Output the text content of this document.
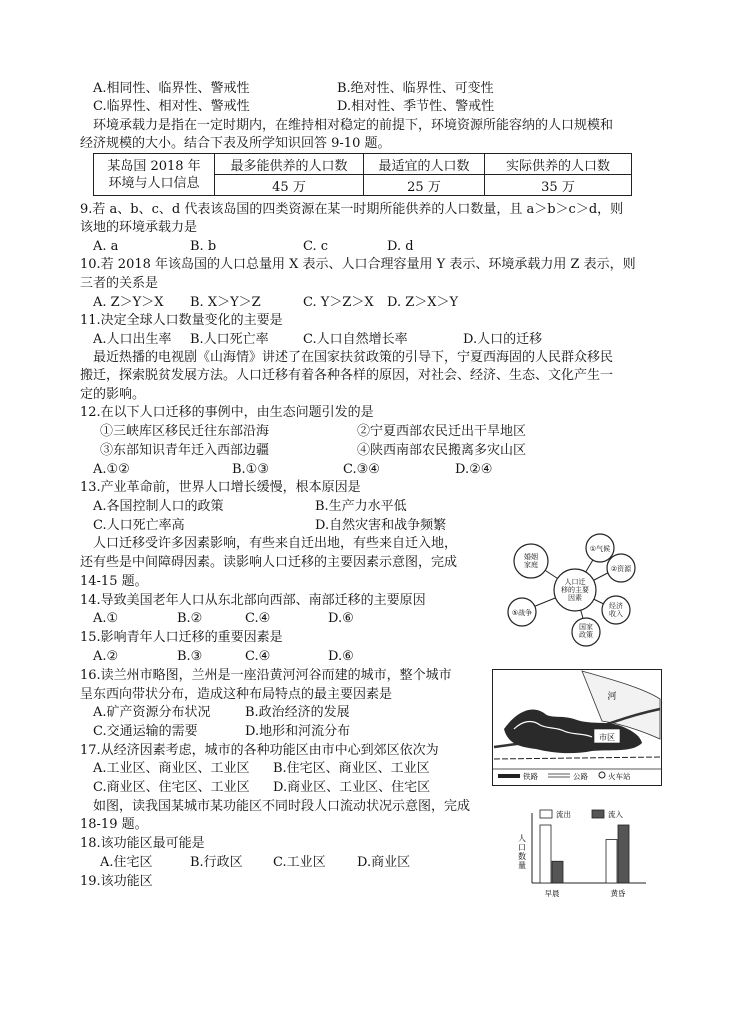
A.相同性、临界性、警戒性	B.绝对性、临界性、可变性
C.临界性、相对性、警戒性	D.相对性、季节性、警戒性
环境承载力是指在一定时期内，在维持相对稳定的前提下，环境资源所能容纳的人口规模和
经济规模的大小。结合下表及所学知识回答 9-10 题。
某岛国 2018 年
环境与人口信息	最多能供养的人口数	最适宜的人口数	实际供养的人口数
	45 万	25 万	35 万
9.若 a、b、c、d 代表该岛国的四类资源在某一时期所能供养的人口数量，且 a＞b＞c＞d，则
该地的环境承载力是
A. a	B. b	C. c	D. d
10.若 2018 年该岛国的人口总量用 X 表示、人口合理容量用 Y 表示、环境承载力用 Z 表示，则
三者的关系是
A. Z＞Y＞X B. X＞Y＞Z	C. Y＞Z＞X D. Z＞X＞Y
11.决定全球人口数量变化的主要是
A.人口出生率 B.人口死亡率	C.人口自然增长率	D.人口的迁移
最近热播的电视剧《山海情》讲述了在国家扶贫政策的引导下，宁夏西海固的人民群众移民
搬迁，探索脱贫发展方法。人口迁移有着各种各样的原因，对社会、经济、生态、文化产生一
定的影响。
12.在以下人口迁移的事例中，由生态问题引发的是
①三峡库区移民迁往东部沿海	②宁夏西部农民迁出干旱地区
③东部知识青年迁入西部边疆	④陕西南部农民搬离多灾山区
A.①②	B.①③	C.③④	D.②④
13.产业革命前，世界人口增长缓慢，根本原因是
A.各国控制人口的政策	B.生产力水平低
C.人口死亡率高	D.自然灾害和战争频繁
人口迁移受许多因素影响，有些来自迁出地，有些来自迁入地，
还有些是中间障碍因素。读影响人口迁移的主要因素示意图，完成
14-15 题。
14.导致美国老年人口从东北部向西部、南部迁移的主要原因
A.①	B.②	C.④	D.⑥
15.影响青年人口迁移的重要因素是
A.②	B.③	C.④	D.⑥
16.读兰州市略图，兰州是一座沿黄河河谷而建的城市，整个城市
呈东西向带状分布，造成这种布局特点的最主要因素是
A.矿产资源分布状况	B.政治经济的发展
C.交通运输的需要	D.地形和河流分布
17.从经济因素考虑，城市的各种功能区由市中心到郊区依次为
A.工业区、商业区、工业区 B.住宅区、商业区、工业区
C.商业区、住宅区、工业区 D.商业区、工业区、住宅区
如图，读我国某城市某功能区不同时段人口流动状况示意图，完成
18-19 题。
18.该功能区最可能是
A.住宅区	B.行政区 C.工业区 D.商业区
19.该功能区
人口迁移的主要因素
①气候
②资源
经济收入
国家政策
⑤战争
婚姻家庭
市区
河
铁路	公路	火车站
人口数量
流出	流入
早晨	黄昏
